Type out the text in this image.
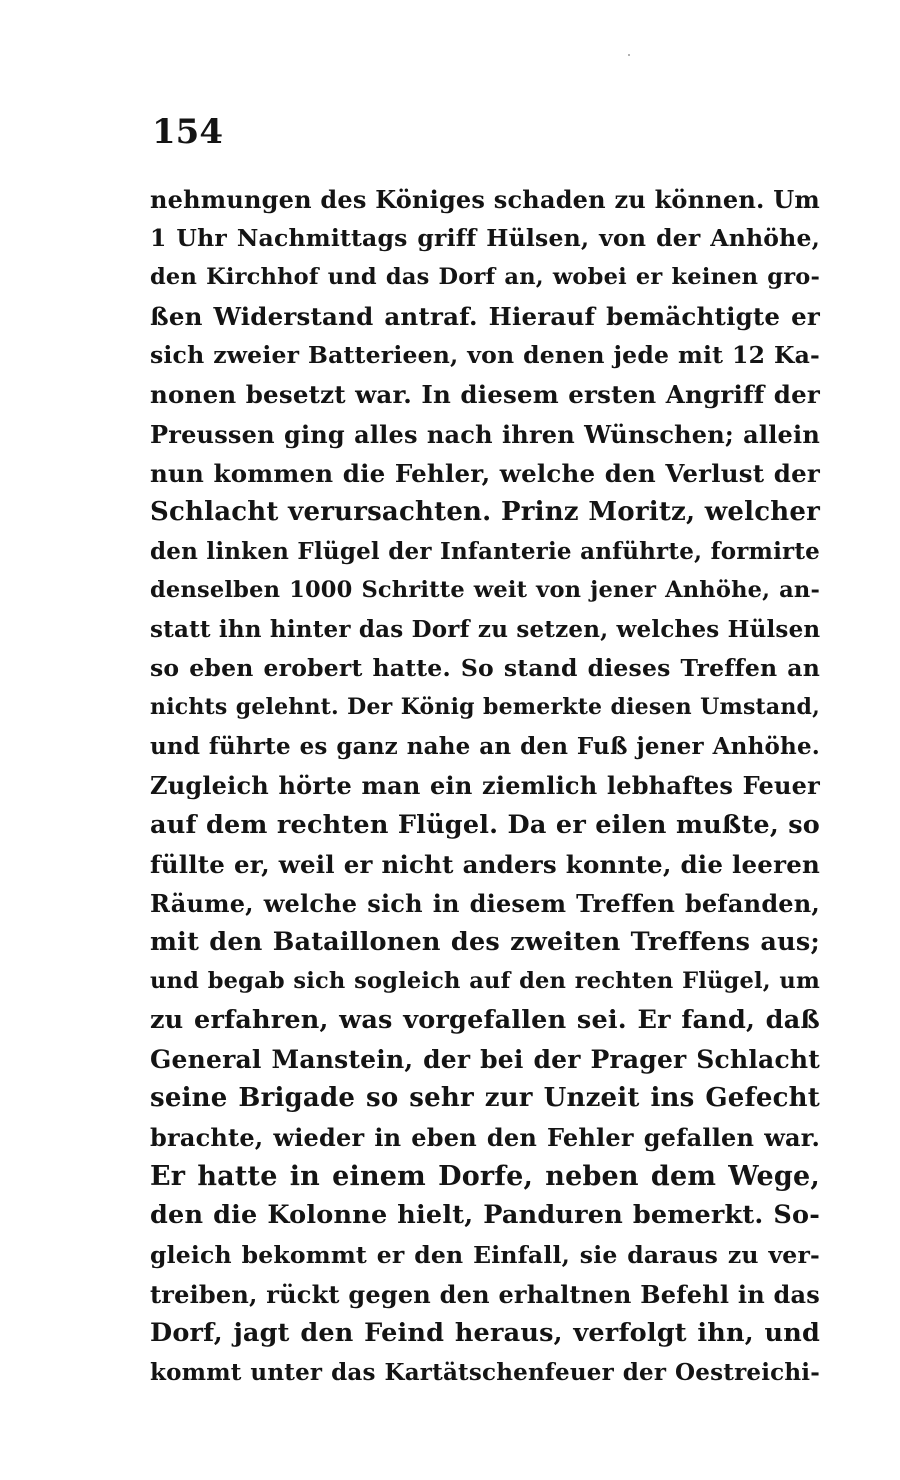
154
nehmungen des Königes schaden zu können. Um
1 Uhr Nachmittags griff Hülsen, von der Anhöhe,
den Kirchhof und das Dorf an, wobei er keinen gro-
ßen Widerstand antraf. Hierauf bemächtigte er
sich zweier Batterieen, von denen jede mit 12 Ka-
nonen besetzt war. In diesem ersten Angriff der
Preussen ging alles nach ihren Wünschen; allein
nun kommen die Fehler, welche den Verlust der
Schlacht verursachten. Prinz Moritz, welcher
den linken Flügel der Infanterie anführte, formirte
denselben 1000 Schritte weit von jener Anhöhe, an-
statt ihn hinter das Dorf zu setzen, welches Hülsen
so eben erobert hatte. So stand dieses Treffen an
nichts gelehnt. Der König bemerkte diesen Umstand,
und führte es ganz nahe an den Fuß jener Anhöhe.
Zugleich hörte man ein ziemlich lebhaftes Feuer
auf dem rechten Flügel. Da er eilen mußte, so
füllte er, weil er nicht anders konnte, die leeren
Räume, welche sich in diesem Treffen befanden,
mit den Bataillonen des zweiten Treffens aus;
und begab sich sogleich auf den rechten Flügel, um
zu erfahren, was vorgefallen sei. Er fand, daß
General Manstein, der bei der Prager Schlacht
seine Brigade so sehr zur Unzeit ins Gefecht
brachte, wieder in eben den Fehler gefallen war.
Er hatte in einem Dorfe, neben dem Wege,
den die Kolonne hielt, Panduren bemerkt. So-
gleich bekommt er den Einfall, sie daraus zu ver-
treiben, rückt gegen den erhaltnen Befehl in das
Dorf, jagt den Feind heraus, verfolgt ihn, und
kommt unter das Kartätschenfeuer der Oestreichi-
